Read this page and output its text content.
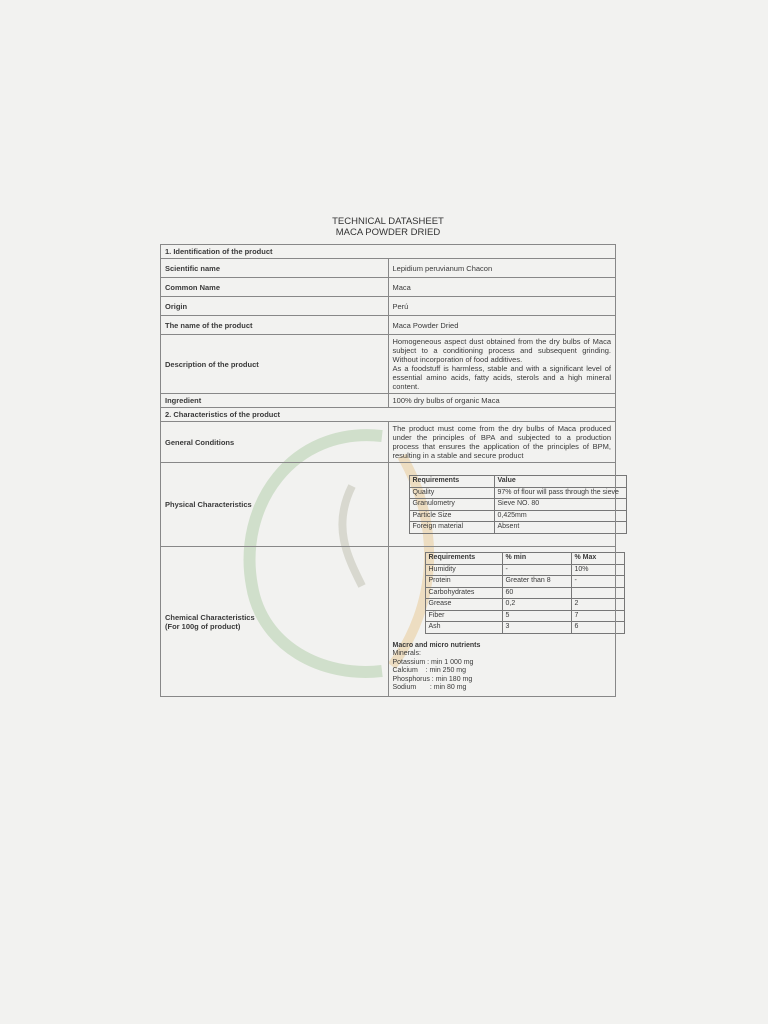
TECHNICAL DATASHEET
MACA POWDER DRIED
1. Identification of the product
Scientific name	Lepidium peruvianum Chacon
Common Name	Maca
Origin	Perú
The name of the product	Maca Powder Dried
Description of the product	
Homogeneous aspect dust obtained from the dry bulbs of Maca subject to a conditioning process and subsequent grinding. Without incorporation of food additives.
As a foodstuff is harmless, stable and with a significant level of essential amino acids, fatty acids, sterols and a high mineral content.

Ingredient	100% dry bulbs of organic Maca
2. Characteristics of the product
General Conditions	The product must come from the dry bulbs of Maca produced under the principles of BPA and subjected to a production process that ensures the application of the principles of BPM, resulting in a stable and secure product
Physical Characteristics	
Requirements	Value
Quality	97% of flour will pass through the sieve
Granulometry	Sieve NO. 80
Particle Size	0,425mm
Foreign material	Absent

Chemical Characteristics
(For 100g of product)

Requirements	% min	% Max
Humidity	-	10%
Protein	Greater than 8	-
Carbohydrates	60	
Grease	0,2	2
Fiber	5	7
Ash	3	6
Macro and micro nutrients
Minerals:
Potassium : min 1 000 mg
Calcium    : min 250 mg
Phosphorus : min 180 mg
Sodium       : min 80 mg
